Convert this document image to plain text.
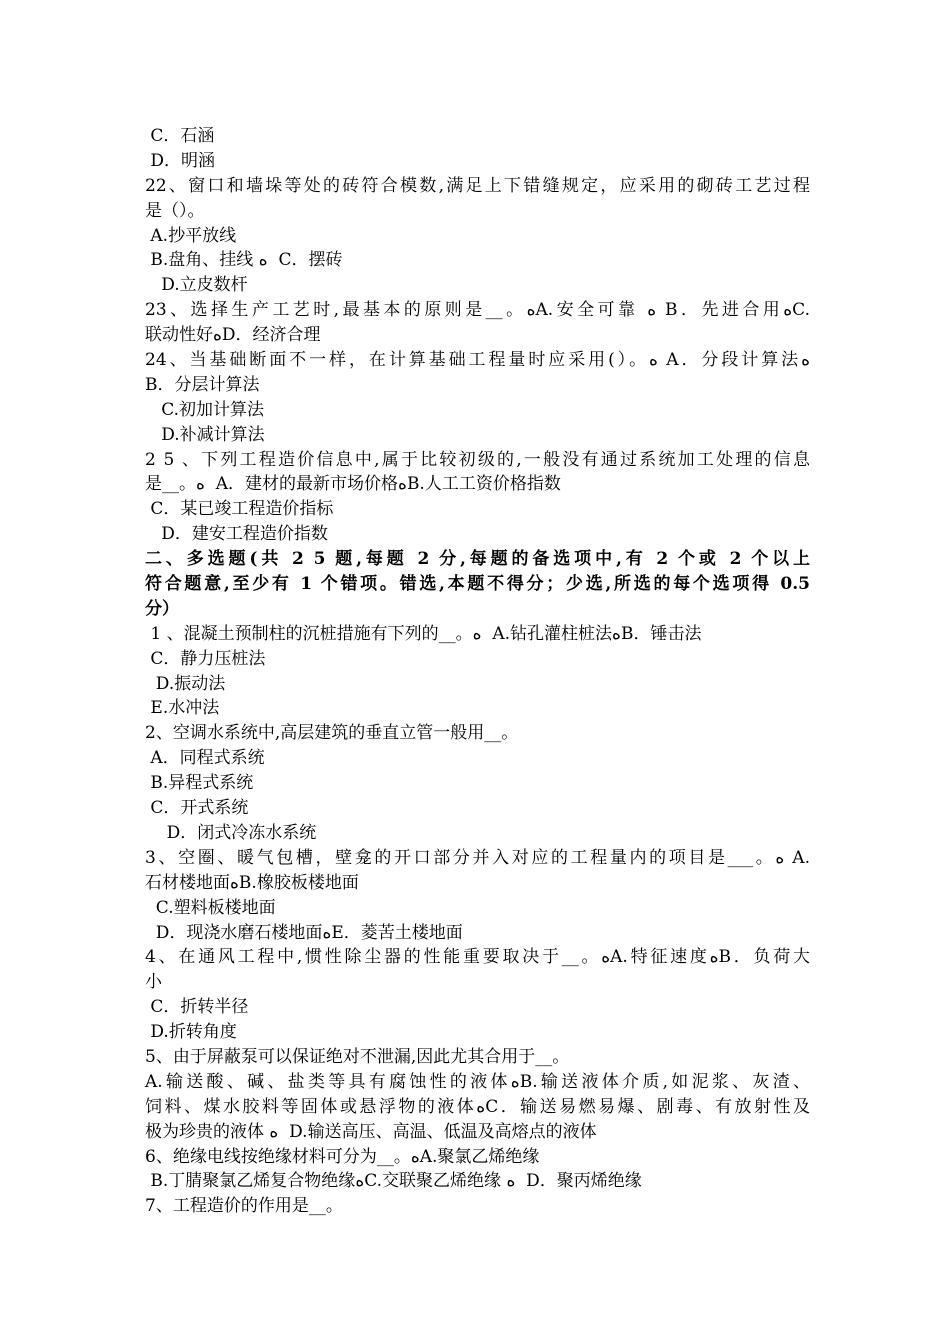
C．石涵
D．明涵
22、窗口和墙垛等处的砖符合模数,满足上下错缝规定，应采用的砌砖工艺过程
是（）。
A.抄平放线
B.盘角、挂线 ﻩ  C．摆砖
D.立皮数杆
23、选择生产工艺时,最基本的原则是__。ﻩA.安全可靠 ﻩ B．先进合用ﻩC.
联动性好ﻩD．经济合理
24、当基础断面不一样，在计算基础工程量时应采用(）。ﻩ A．分段计算法ﻩ
B．分层计算法
C.初加计算法
D.补减计算法
2 5 、下列工程造价信息中,属于比较初级的,一般没有通过系统加工处理的信息
是__。ﻩ  A．建材的最新市场价格ﻩB.人工工资价格指数
C．某已竣工程造价指标
D．建安工程造价指数
二、多选题(共 2 5 题,每题 2 分,每题的备选项中,有 2 个或 2 个以上
符合题意,至少有 1 个错项。错选,本题不得分；少选,所选的每个选项得 0.5
分）
1 、混凝土预制柱的沉桩措施有下列的__。ﻩ  A.钻孔灌柱桩法ﻩB．锤击法
C．静力压桩法
D.振动法
E.水冲法
2、空调水系统中,高层建筑的垂直立管一般用__。
A．同程式系统
B.异程式系统
C．开式系统
D．闭式冷冻水系统
3、空圈、暖气包槽，壁龛的开口部分并入对应的工程量内的项目是___。ﻩ A.
石材楼地面ﻩB.橡胶板楼地面
C.塑料板楼地面
D．现浇水磨石楼地面ﻩE．菱苦土楼地面
4、在通风工程中,惯性除尘器的性能重要取决于__。ﻩA.特征速度ﻩB．负荷大
小
C．折转半径
D.折转角度
5、由于屏蔽泵可以保证绝对不泄漏,因此尤其合用于__。
A.输送酸、碱、盐类等具有腐蚀性的液体ﻩB.输送液体介质,如泥浆、灰渣、
饲料、煤水胶料等固体或悬浮物的液体ﻩC．输送易燃易爆、剧毒、有放射性及
极为珍贵的液体 ﻩ  D.输送高压、高温、低温及高熔点的液体
6、绝缘电线按绝缘材料可分为__。ﻩA.聚氯乙烯绝缘
B.丁腈聚氯乙烯复合物绝缘ﻩC.交联聚乙烯绝缘 ﻩ  D．聚丙烯绝缘
7、工程造价的作用是__。
